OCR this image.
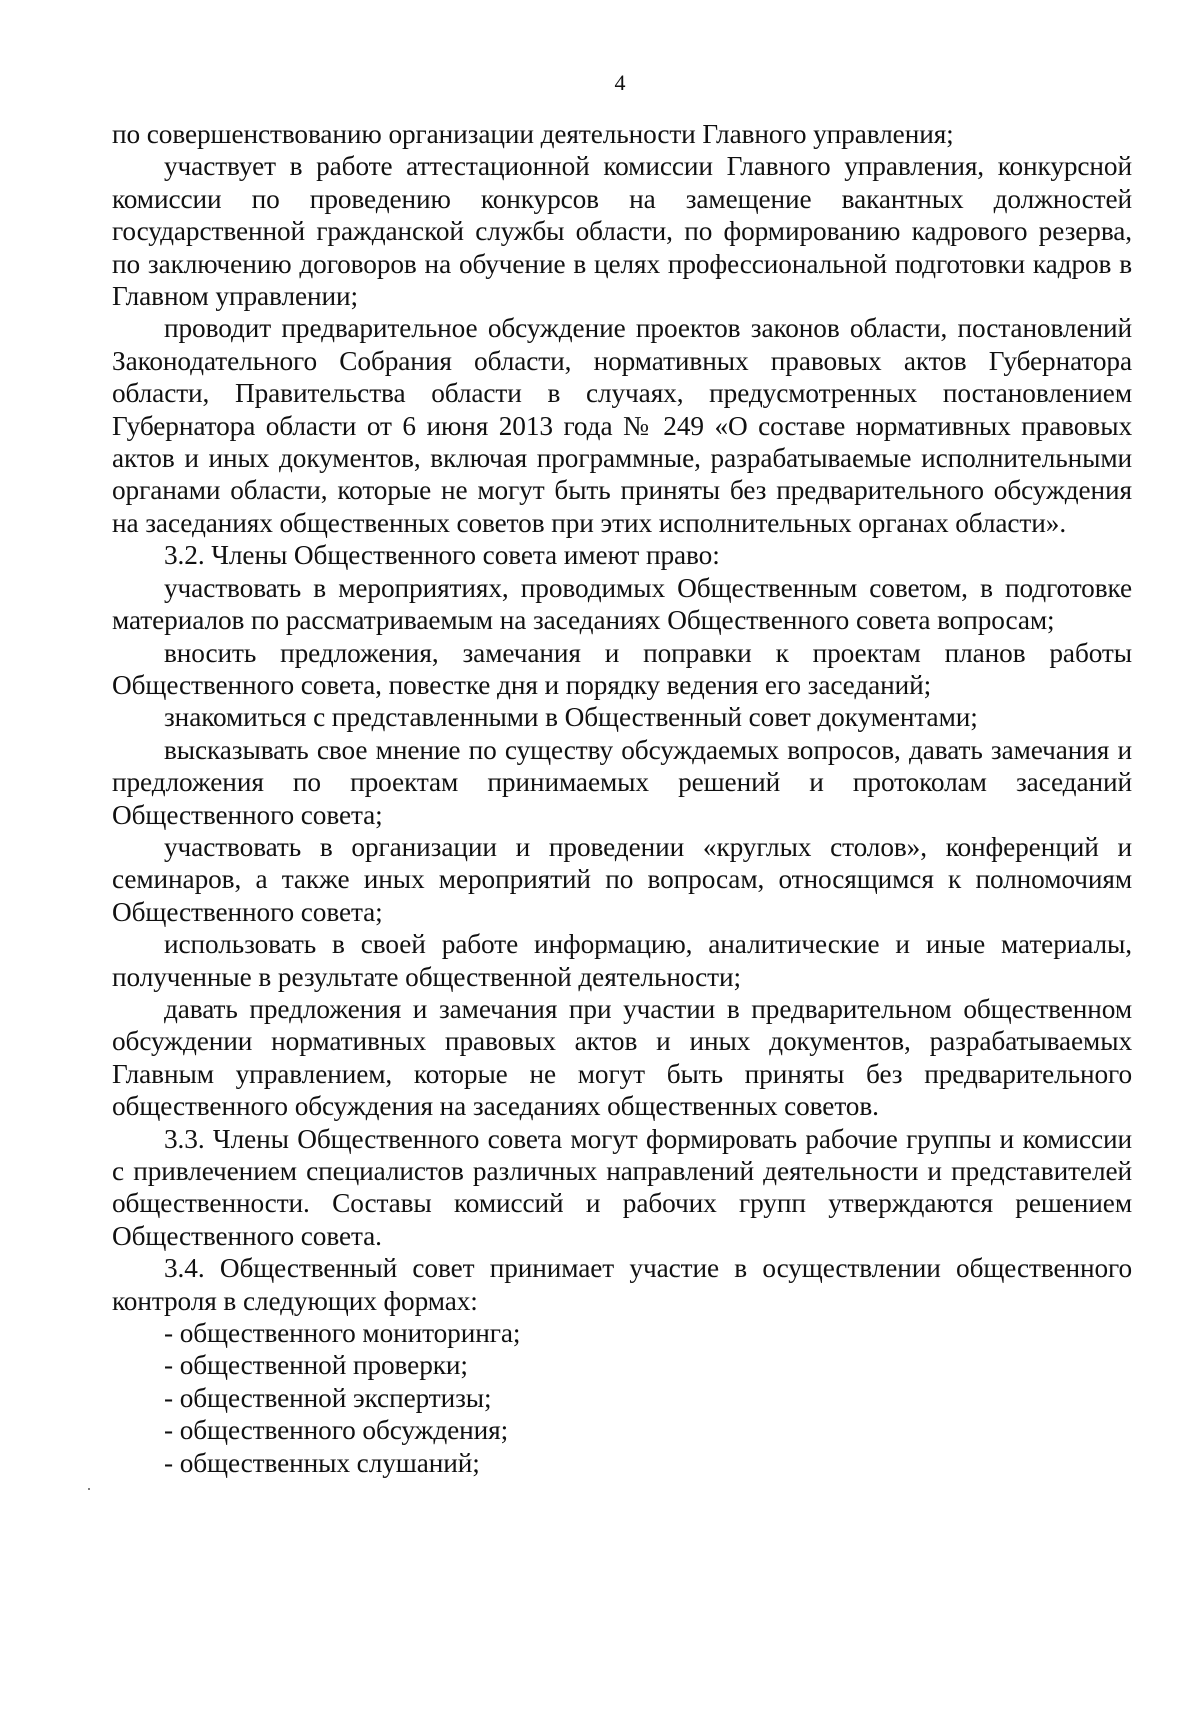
4

по совершенствованию организации деятельности Главного управления;

участвует в работе аттестационной комиссии Главного управления, конкурсной комиссии по проведению конкурсов на замещение вакантных должностей государственной гражданской службы области, по формированию кадрового резерва, по заключению договоров на обучение в целях профессиональной подготовки кадров в Главном управлении;

проводит предварительное обсуждение проектов законов области, постановлений Законодательного Собрания области, нормативных правовых актов Губернатора области, Правительства области в случаях, предусмотренных постановлением Губернатора области от 6 июня 2013 года № 249 «О составе нормативных правовых актов и иных документов, включая программные, разрабатываемые исполнительными органами области, которые не могут быть приняты без предварительного обсуждения на заседаниях общественных советов при этих исполнительных органах области».

3.2. Члены Общественного совета имеют право:

участвовать в мероприятиях, проводимых Общественным советом, в подготовке материалов по рассматриваемым на заседаниях Общественного совета вопросам;

вносить предложения, замечания и поправки к проектам планов работы Общественного совета, повестке дня и порядку ведения его заседаний;

знакомиться с представленными в Общественный совет документами;

высказывать свое мнение по существу обсуждаемых вопросов, давать замечания и предложения по проектам принимаемых решений и протоколам заседаний Общественного совета;

участвовать в организации и проведении «круглых столов», конференций и семинаров, а также иных мероприятий по вопросам, относящимся к полномочиям Общественного совета;

использовать в своей работе информацию, аналитические и иные материалы, полученные в результате общественной деятельности;

давать предложения и замечания при участии в предварительном общественном обсуждении нормативных правовых актов и иных документов, разрабатываемых Главным управлением, которые не могут быть приняты без предварительного общественного обсуждения на заседаниях общественных советов.

3.3. Члены Общественного совета могут формировать рабочие группы и комиссии с привлечением специалистов различных направлений деятельности и представителей общественности. Составы комиссий и рабочих групп утверждаются решением Общественного совета.

3.4. Общественный совет принимает участие в осуществлении общественного контроля в следующих формах:

- общественного мониторинга;

- общественной проверки;

- общественной экспертизы;

- общественного обсуждения;

- общественных слушаний;
